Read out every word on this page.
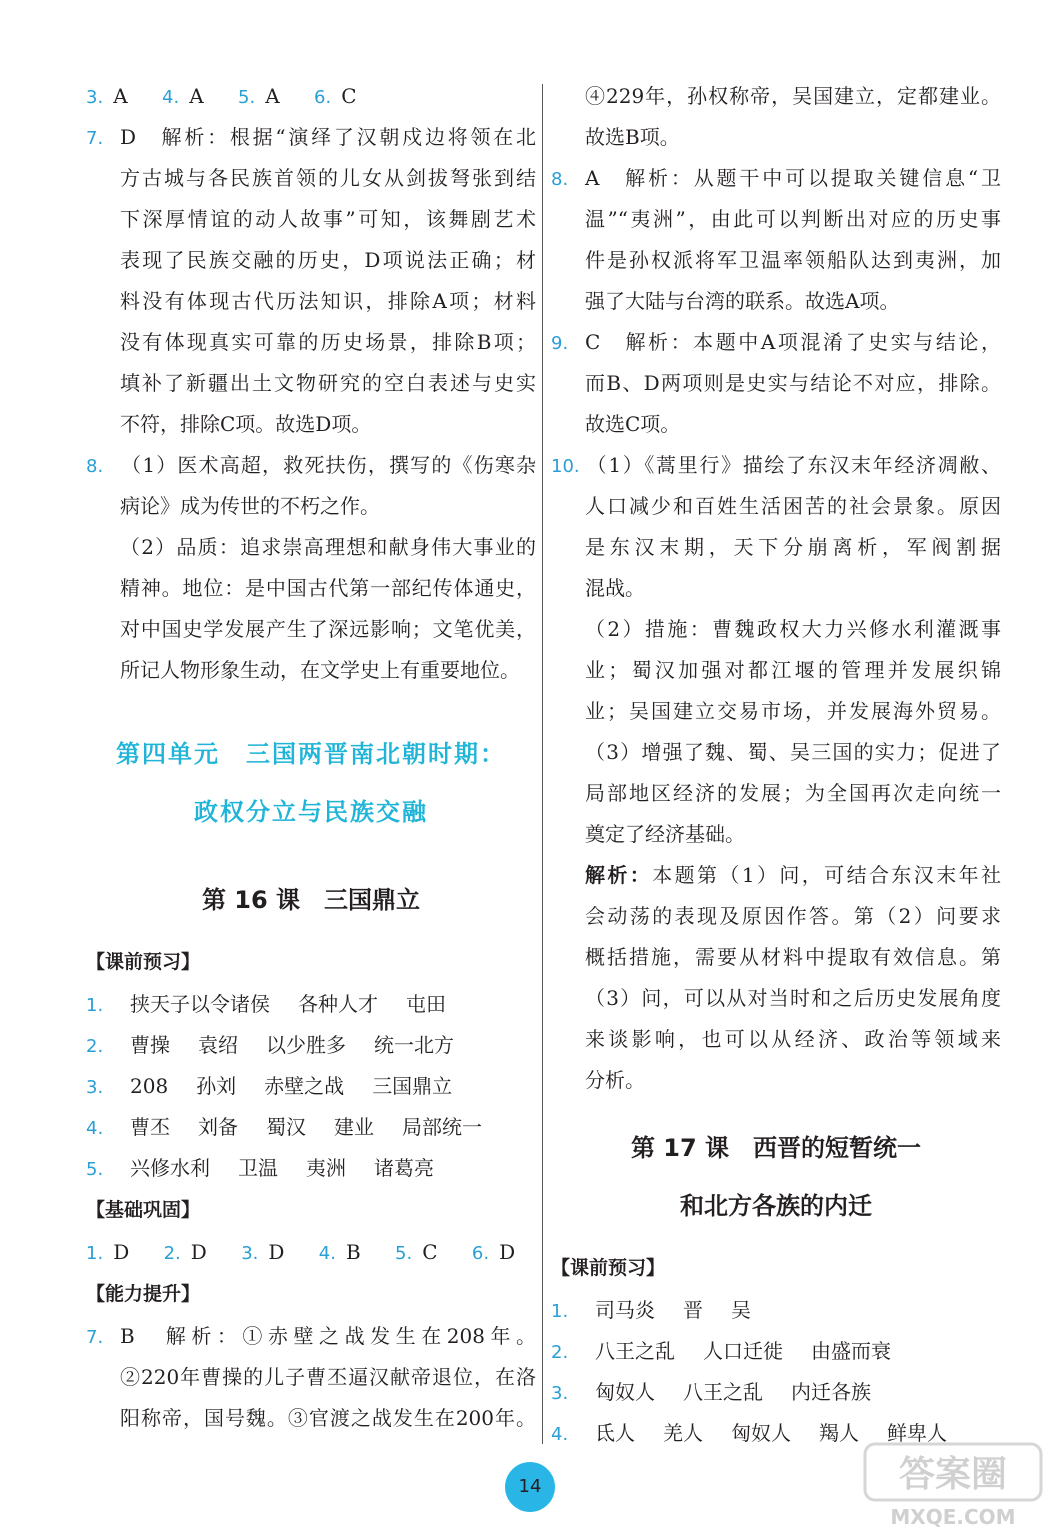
3. A 4. A 5. A 6. C
7. D　解析：根据“演绎了汉朝戍边将领在北
方古城与各民族首领的儿女从剑拔弩张到结
下深厚情谊的动人故事”可知，该舞剧艺术
表现了民族交融的历史，D项说法正确；材
料没有体现古代历法知识，排除A项；材料
没有体现真实可靠的历史场景，排除B项；
填补了新疆出土文物研究的空白表述与史实
不符，排除C项。故选D项。
8. （1）医术高超，救死扶伤，撰写的《伤寒杂
病论》成为传世的不朽之作。
（2）品质：追求崇高理想和献身伟大事业的
精神。地位：是中国古代第一部纪传体通史，
对中国史学发展产生了深远影响；文笔优美，
所记人物形象生动，在文学史上有重要地位。
第四单元　三国两晋南北朝时期：
政权分立与民族交融
第 16 课　三国鼎立
【课前预习】
1. 挟天子以令诸侯 各种人才 屯田
2. 曹操 袁绍 以少胜多 统一北方
3. 208 孙刘 赤壁之战 三国鼎立
4. 曹丕 刘备 蜀汉 建业 局部统一
5. 兴修水利 卫温 夷洲 诸葛亮
【基础巩固】
1. D 2. D 3. D 4. B 5. C 6. D
【能力提升】
7. B　解析：①赤壁之战发生在208年。
②220年曹操的儿子曹丕逼汉献帝退位，在洛
阳称帝，国号魏。③官渡之战发生在200年。
④229年，孙权称帝，吴国建立，定都建业。
故选B项。
8. A　解析：从题干中可以提取关键信息“卫
温”“夷洲”，由此可以判断出对应的历史事
件是孙权派将军卫温率领船队达到夷洲，加
强了大陆与台湾的联系。故选A项。
9. C　解析：本题中A项混淆了史实与结论，
而B、D两项则是史实与结论不对应，排除。
故选C项。
10. （1）《蒿里行》描绘了东汉末年经济凋敝、
人口减少和百姓生活困苦的社会景象。原因
是东汉末期，天下分崩离析，军阀割据
混战。
（2）措施：曹魏政权大力兴修水利灌溉事
业；蜀汉加强对都江堰的管理并发展织锦
业；吴国建立交易市场，并发展海外贸易。
（3）增强了魏、蜀、吴三国的实力；促进了
局部地区经济的发展；为全国再次走向统一
奠定了经济基础。
解析：本题第（1）问，可结合东汉末年社
会动荡的表现及原因作答。第（2）问要求
概括措施，需要从材料中提取有效信息。第
（3）问，可以从对当时和之后历史发展角度
来谈影响，也可以从经济、政治等领域来
分析。
第 17 课　西晋的短暂统一
和北方各族的内迁
【课前预习】
1. 司马炎 晋 吴
2. 八王之乱 人口迁徙 由盛而衰
3. 匈奴人 八王之乱 内迁各族
4. 氐人 羌人 匈奴人 羯人 鲜卑人
14	答案圈
MXQE.COM
